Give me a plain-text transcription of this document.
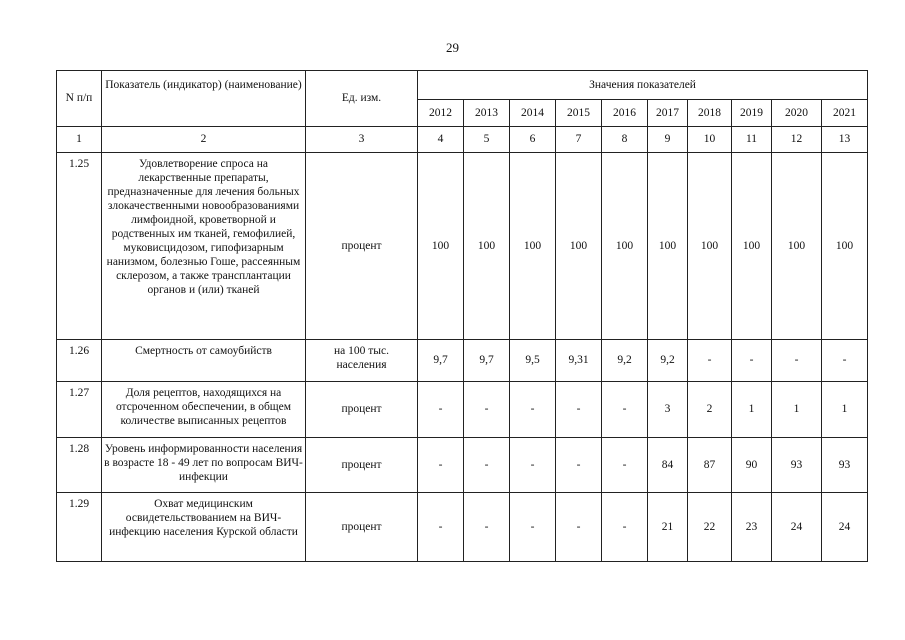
29
N п/п	Показатель (индикатор) (наименование)	Ед. изм.	Значения показателей									
			2012	2013	2014	2015	2016	2017	2018	2019	2020	2021
1	2	3	4	5	6	7	8	9	10	11	12	13
1.25	Удовлетворение спроса на лекарственные препараты, предназначенные для лечения больных злокачественными новообразованиями лимфоидной, кроветворной и родственных им тканей, гемофилией, муковисцидозом, гипофизарным нанизмом, болезнью Гоше, рассеянным склерозом, а также трансплантации органов и (или) тканей	процент	100	100	100	100	100	100	100	100	100	100
1.26	Смертность от самоубийств	на 100 тыс. населения	9,7	9,7	9,5	9,31	9,2	9,2	-	-	-	-
1.27	Доля рецептов, находящихся на отсроченном обеспечении, в общем количестве выписанных рецептов	процент	-	-	-	-	-	3	2	1	1	1
1.28	Уровень информированности населения в возрасте 18 - 49 лет по вопросам ВИЧ-инфекции	процент	-	-	-	-	-	84	87	90	93	93
1.29	Охват медицинским освидетельствованием на ВИЧ-инфекцию населения Курской области	процент	-	-	-	-	-	21	22	23	24	24
